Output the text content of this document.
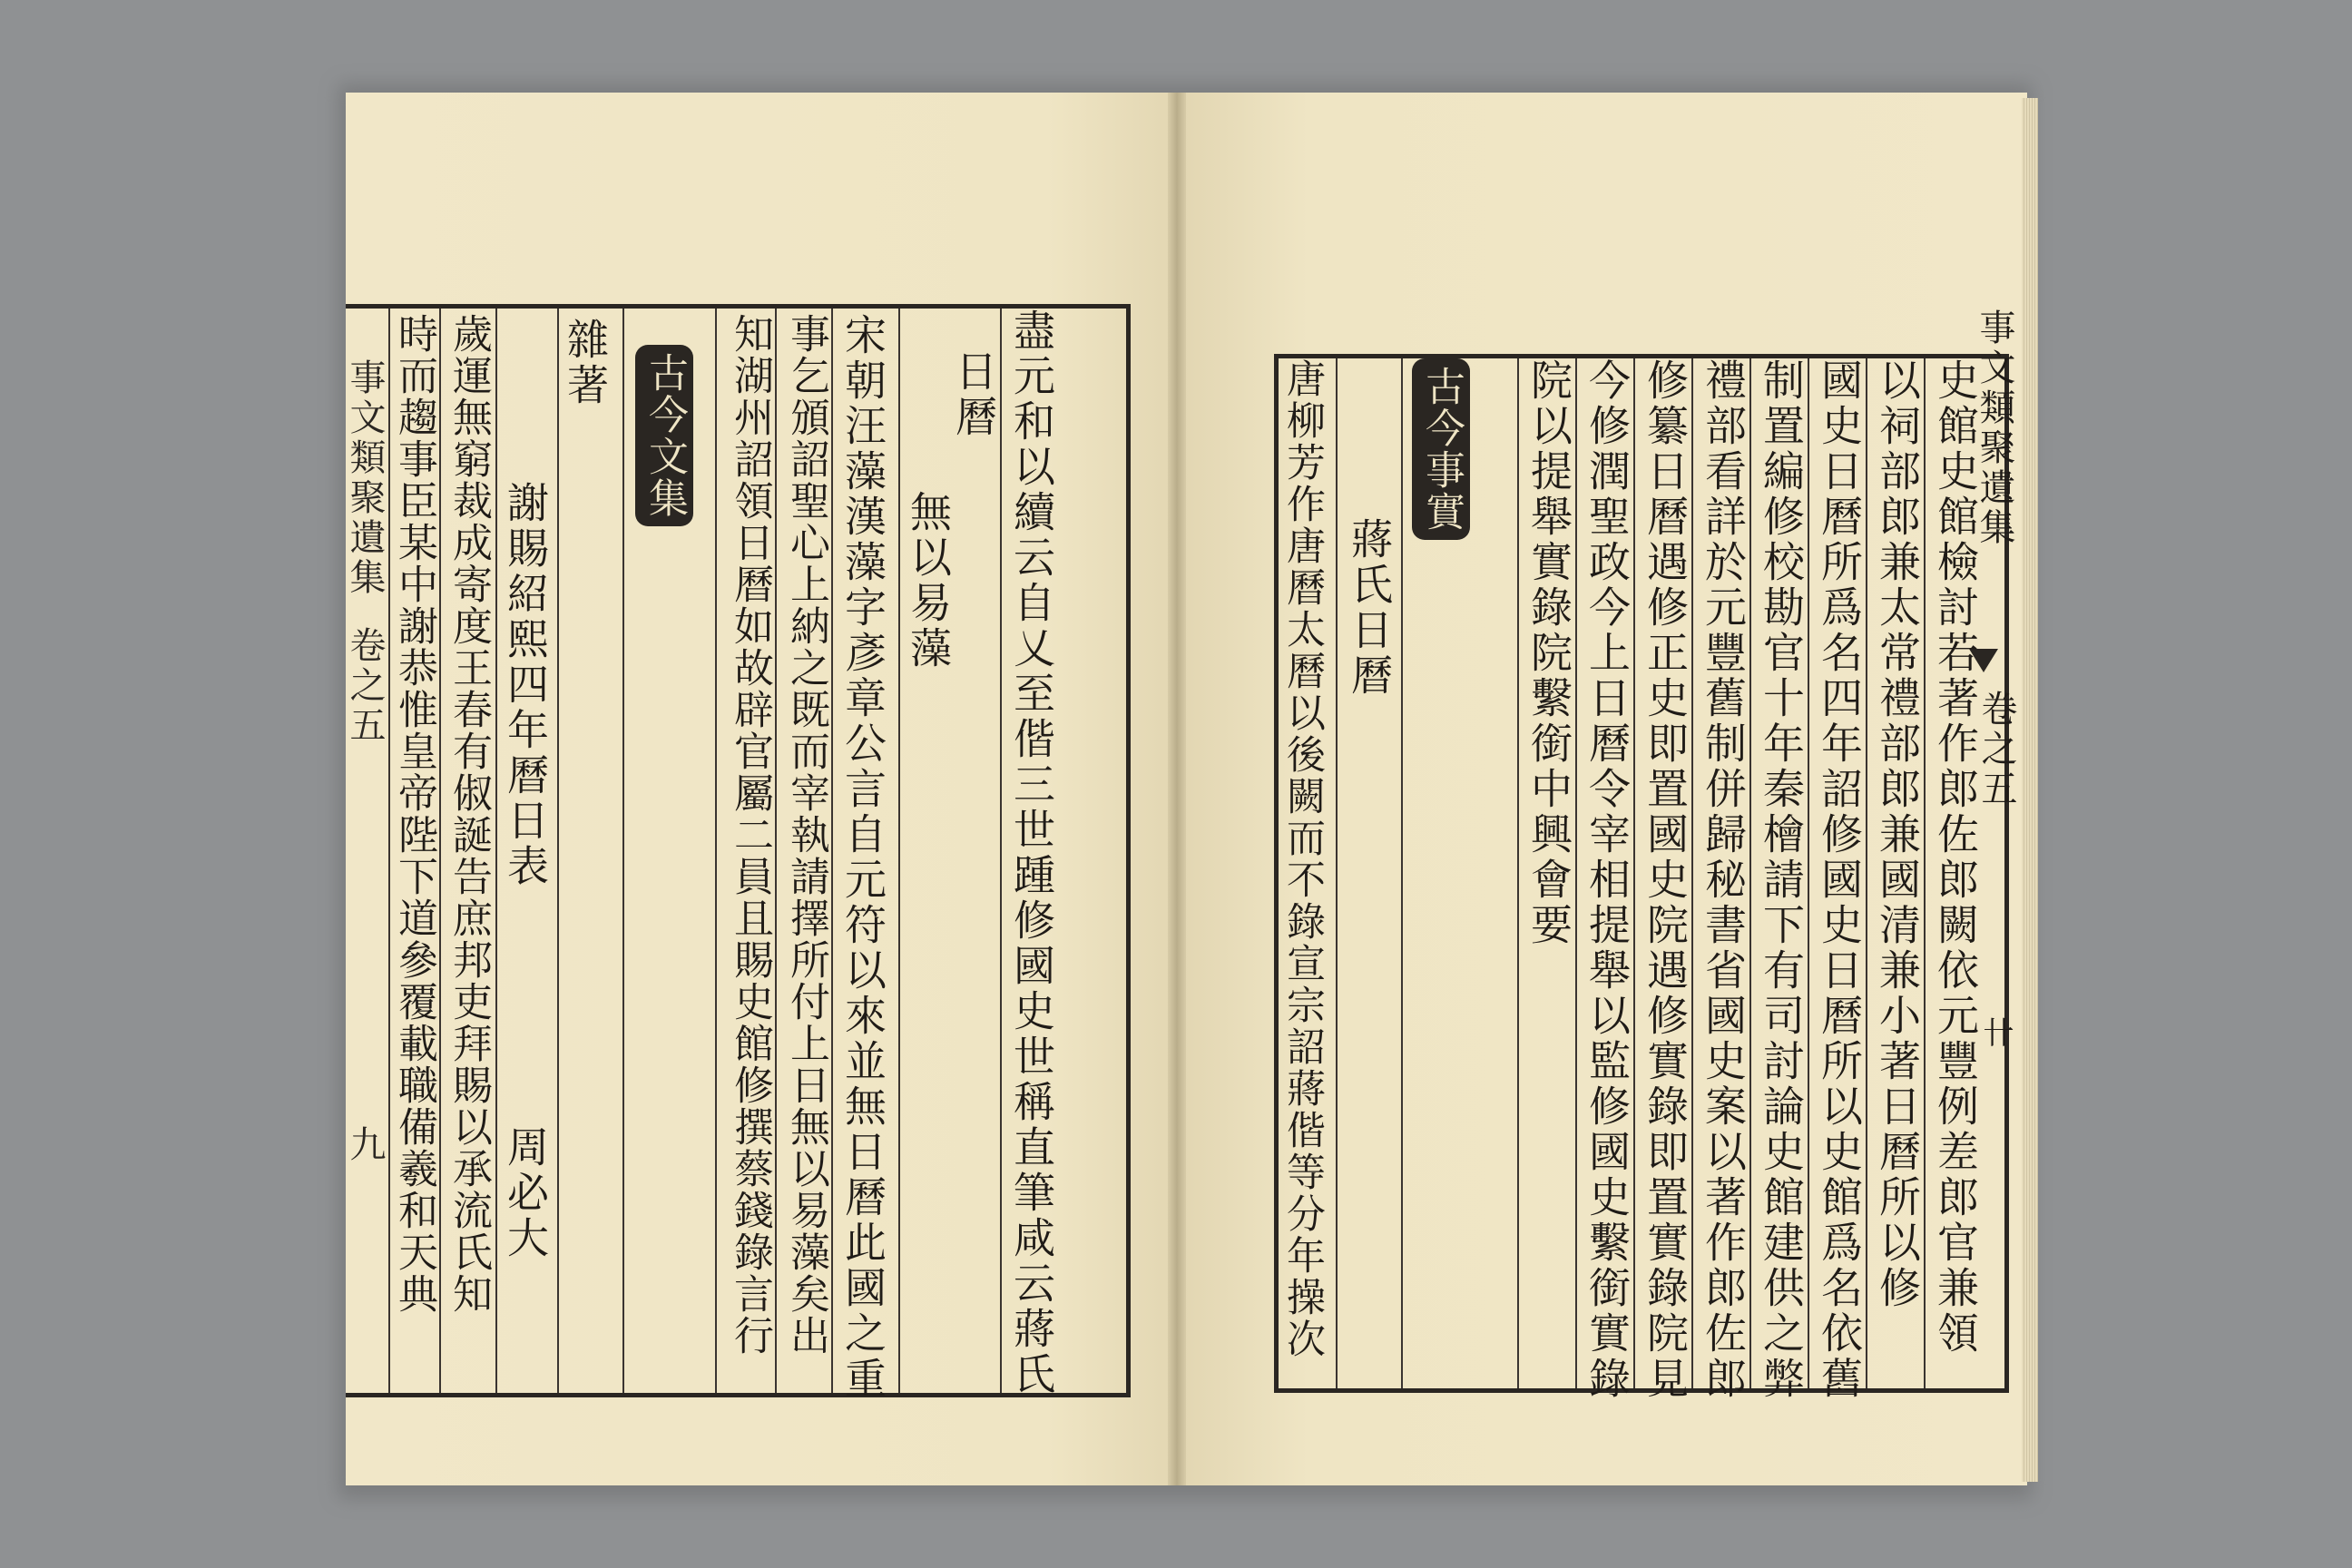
事文類聚遺集
卷之五
卄
史館史館檢討若著作郎佐郎闕依元豐例差郎官兼領
以祠部郎兼太常禮部郎兼國清兼小著日曆所以修
國史日曆所爲名四年詔修國史日曆所以史館爲名依舊
制置編修校勘官十年秦檜請下有司討論史館建供之弊
禮部看詳於元豐舊制併歸秘書省國史案以著作郎佐郎
修纂日曆遇修正史即置國史院遇修實錄即置實錄院見
今修潤聖政今上日曆令宰相提舉以監修國史繫銜實錄
院以提舉實錄院繫銜中興會要
古今事實
蔣氏日曆
唐柳芳作唐曆太曆以後闕而不錄宣宗詔蔣偕等分年操次
事文類聚遺集
卷之五
九	盡元和以續云自乂至偕三世踵修國史世稱直筆咸云蔣氏
日曆
無以易藻
宋朝汪藻漢藻字彥章公言自元符以來並無日曆此國之重
事乞頒詔聖心上納之既而宰執請擇所付上日無以易藻矣出
知湖州詔領日曆如故辟官屬二員且賜史館修撰蔡錢錄言行
古今文集
雜著
謝賜紹熙四年曆日表
周必大
歲運無窮裁成寄度王春有俶誕告庶邦吏拜賜以承流氏知
時而趨事臣某中謝恭惟皇帝陛下道參覆載職備羲和天典
